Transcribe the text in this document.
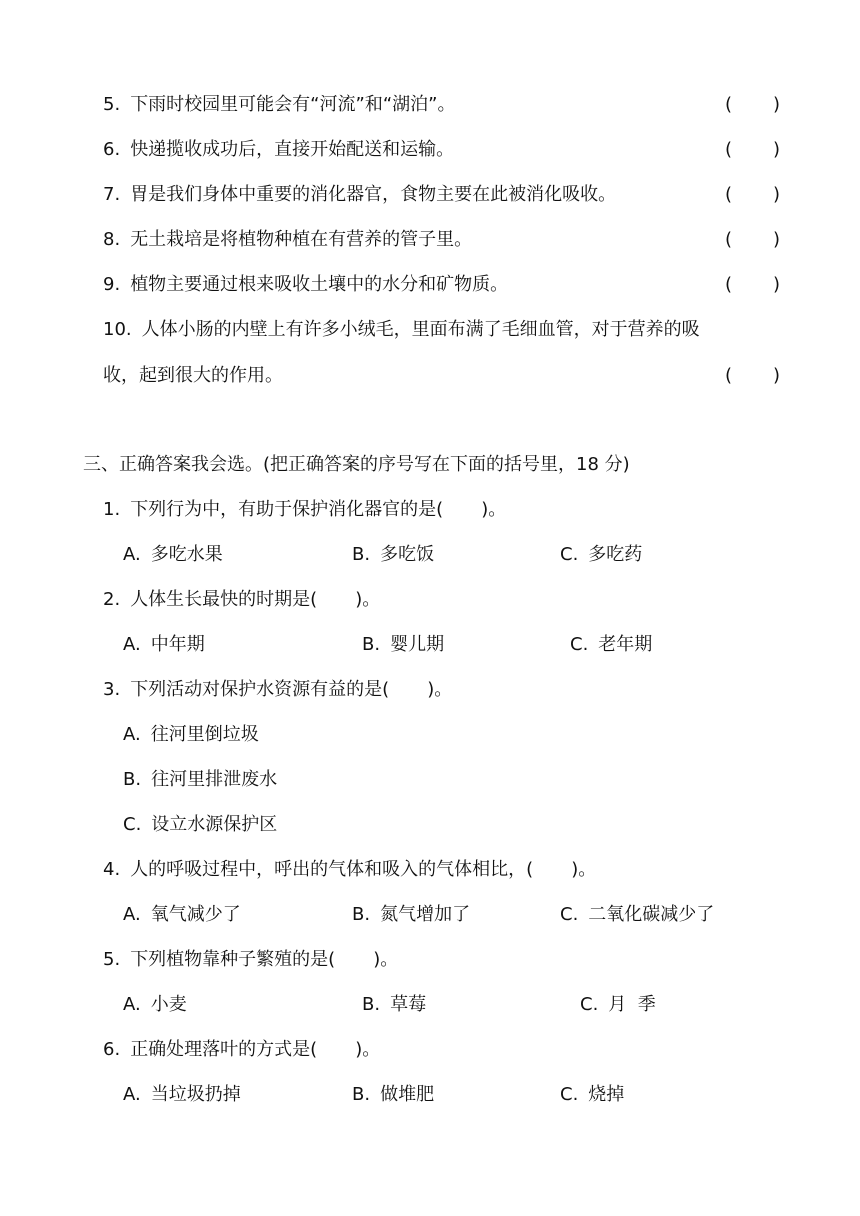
5. 下雨时校园里可能会有“河流”和“湖泊”。	( )
6. 快递揽收成功后，直接开始配送和运输。	( )
7. 胃是我们身体中重要的消化器官，食物主要在此被消化吸收。	( )
8. 无土栽培是将植物种植在有营养的管子里。	( )
9. 植物主要通过根来吸收土壤中的水分和矿物质。	( )
10. 人体小肠的内壁上有许多小绒毛，里面布满了毛细血管，对于营养的吸
收，起到很大的作用。	( )
三、正确答案我会选。(把正确答案的序号写在下面的括号里，18 分)
1. 下列行为中，有助于保护消化器官的是( )。
A. 多吃水果	B. 多吃饭	C. 多吃药
2. 人体生长最快的时期是( )。
A. 中年期	B. 婴儿期	C. 老年期
3. 下列活动对保护水资源有益的是( )。
A. 往河里倒垃圾
B. 往河里排泄废水
C. 设立水源保护区
4. 人的呼吸过程中，呼出的气体和吸入的气体相比，( )。
A. 氧气减少了	B. 氮气增加了	C. 二氧化碳减少了
5. 下列植物靠种子繁殖的是( )。
A. 小麦	B. 草莓	C. 月  季
6. 正确处理落叶的方式是( )。
A. 当垃圾扔掉	B. 做堆肥	C. 烧掉
